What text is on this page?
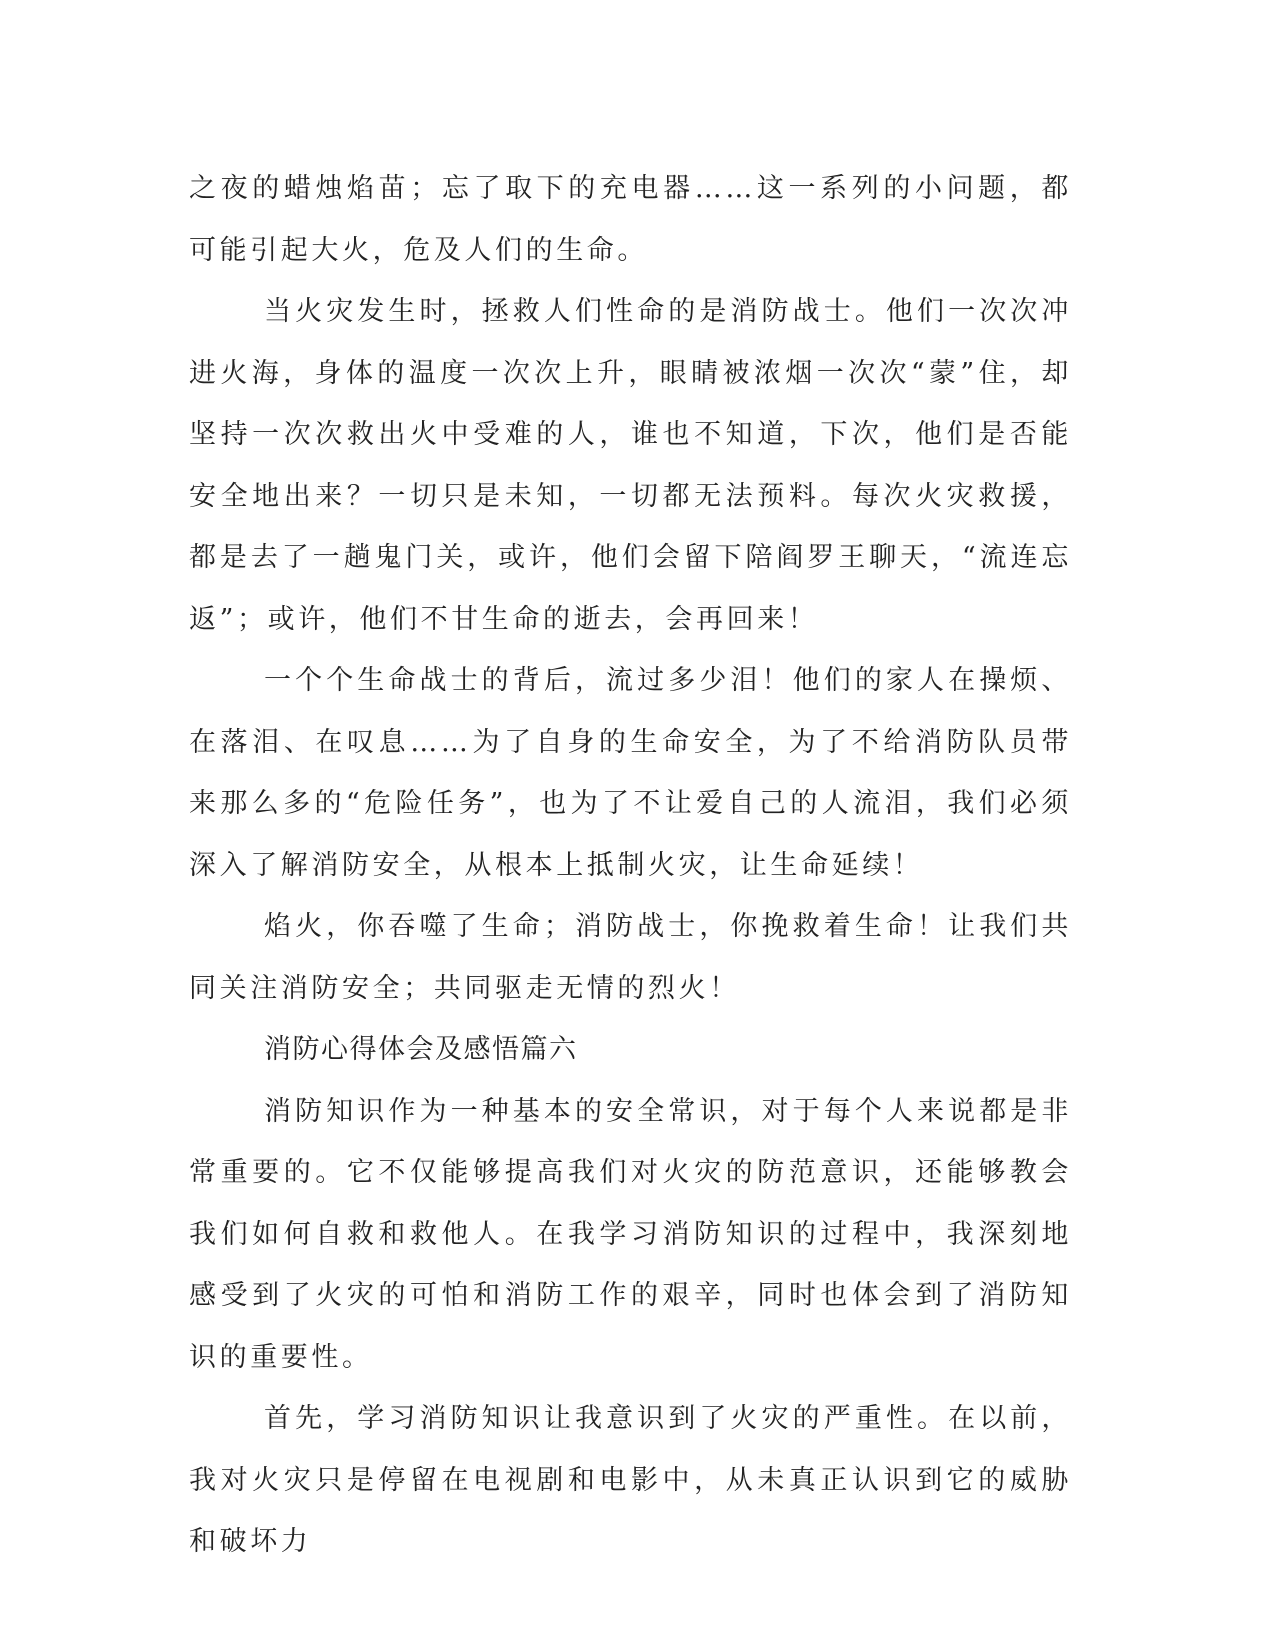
之夜的蜡烛焰苗；忘了取下的充电器……这一系列的小问题，都可能引起大火，危及人们的生命。

当火灾发生时，拯救人们性命的是消防战士。他们一次次冲进火海，身体的温度一次次上升，眼睛被浓烟一次次“蒙”住，却坚持一次次救出火中受难的人，谁也不知道，下次，他们是否能安全地出来？一切只是未知，一切都无法预料。每次火灾救援，都是去了一趟鬼门关，或许，他们会留下陪阎罗王聊天，“流连忘返”；或许，他们不甘生命的逝去，会再回来！

一个个生命战士的背后，流过多少泪！他们的家人在操烦、在落泪、在叹息……为了自身的生命安全，为了不给消防队员带来那么多的“危险任务”，也为了不让爱自己的人流泪，我们必须深入了解消防安全，从根本上抵制火灾，让生命延续！

焰火，你吞噬了生命；消防战士，你挽救着生命！让我们共同关注消防安全；共同驱走无情的烈火！

消防心得体会及感悟篇六

消防知识作为一种基本的安全常识，对于每个人来说都是非常重要的。它不仅能够提高我们对火灾的防范意识，还能够教会我们如何自救和救他人。在我学习消防知识的过程中，我深刻地感受到了火灾的可怕和消防工作的艰辛，同时也体会到了消防知识的重要性。

首先，学习消防知识让我意识到了火灾的严重性。在以前，我对火灾只是停留在电视剧和电影中，从未真正认识到它的威胁和破坏力
